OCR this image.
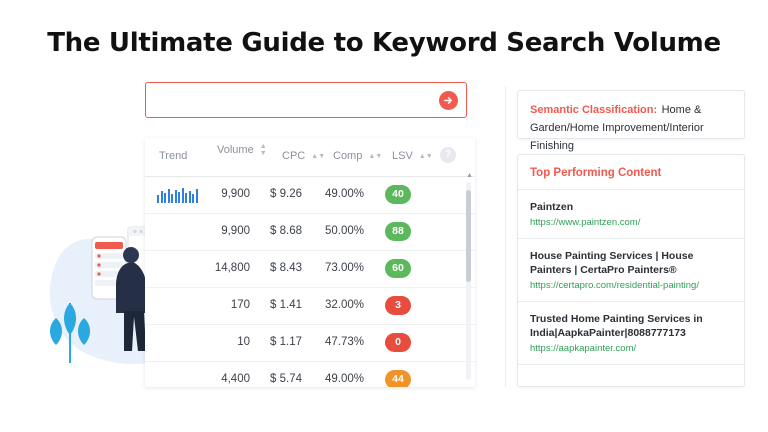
The Ultimate Guide to Keyword Search Volume
Trend
Volume ▲
▼ CPC ▲▼ Comp ▲▼ LSV ▲▼	?
9,900	$ 9.26	49.00%	40
9,900	$ 8.68	50.00%	88
14,800	$ 8.43	73.00%	60
170	$ 1.41	32.00%	3
10	$ 1.17	47.73%	0
4,400	$ 5.74	49.00%	44
▲
Semantic Classification: Home & Garden/Home Improvement/Interior Finishing
Top Performing Content
Paintzen
https://www.paintzen.com/
House Painting Services | House Painters | CertaPro Painters®
https://certapro.com/residential-painting/
Trusted Home Painting Services in India|AapkaPainter|8088777173
https://aapkapainter.com/
